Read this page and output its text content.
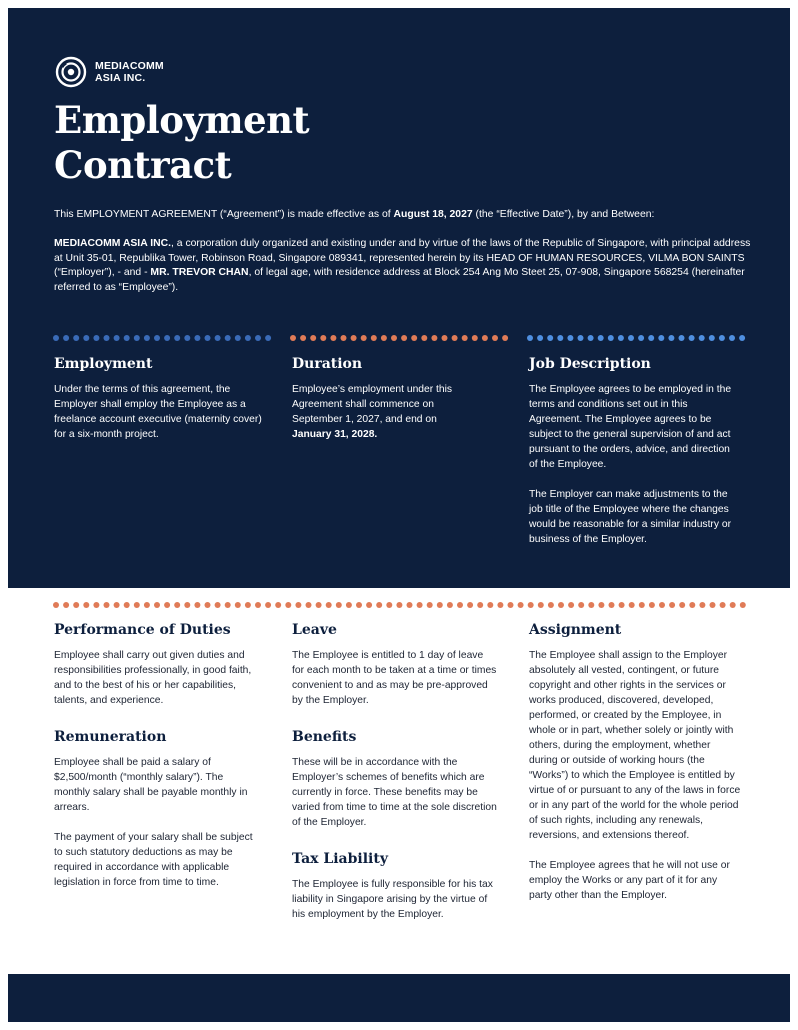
MEDIACOMM
ASIA INC.
Employment
Contract
This EMPLOYMENT AGREEMENT (“Agreement”) is made effective as of August 18, 2027 (the “Effective Date”), by and Between:
MEDIACOMM ASIA INC., a corporation duly organized and existing under and by virtue of the laws of the Republic of Singapore, with principal address at Unit 35-01, Republika Tower, Robinson Road, Singapore 089341, represented herein by its HEAD OF HUMAN RESOURCES, VILMA BON SAINTS (“Employer”), - and - MR. TREVOR CHAN, of legal age, with residence address at Block 254 Ang Mo Steet 25, 07-908, Singapore 568254 (hereinafter referred to as “Employee”).
Employment

Under the terms of this agreement, the Employer shall employ the Employee as a freelance account executive (maternity cover) for a six-month project.

Duration

Employee’s employment under this Agreement shall commence on September 1, 2027, and end on January 31, 2028.

Job Description

The Employee agrees to be employed in the terms and conditions set out in this Agreement. The Employee agrees to be subject to the general supervision of and act pursuant to the orders, advice, and direction of the Employee.

The Employer can make adjustments to the job title of the Employee where the changes would be reasonable for a similar industry or business of the Employer.

Performance of Duties

Employee shall carry out given duties and responsibilities professionally, in good faith, and to the best of his or her capabilities, talents, and experience.

Remuneration

Employee shall be paid a salary of $2,500/month (“monthly salary”). The monthly salary shall be payable monthly in arrears.

The payment of your salary shall be subject to such statutory deductions as may be required in accordance with applicable legislation in force from time to time.

Leave

The Employee is entitled to 1 day of leave for each month to be taken at a time or times convenient to and as may be pre-approved by the Employer.

Benefits

These will be in accordance with the Employer’s schemes of benefits which are currently in force. These benefits may be varied from time to time at the sole discretion of the Employer.

Tax Liability

The Employee is fully responsible for his tax liability in Singapore arising by the virtue of his employment by the Employer.

Assignment

The Employee shall assign to the Employer absolutely all vested, contingent, or future copyright and other rights in the services or works produced, discovered, developed, performed, or created by the Employee, in whole or in part, whether solely or jointly with others, during the employment, whether during or outside of working hours (the “Works”) to which the Employee is entitled by virtue of or pursuant to any of the laws in force or in any part of the world for the whole period of such rights, including any renewals, reversions, and extensions thereof.

The Employee agrees that he will not use or employ the Works or any part of it for any party other than the Employer.
